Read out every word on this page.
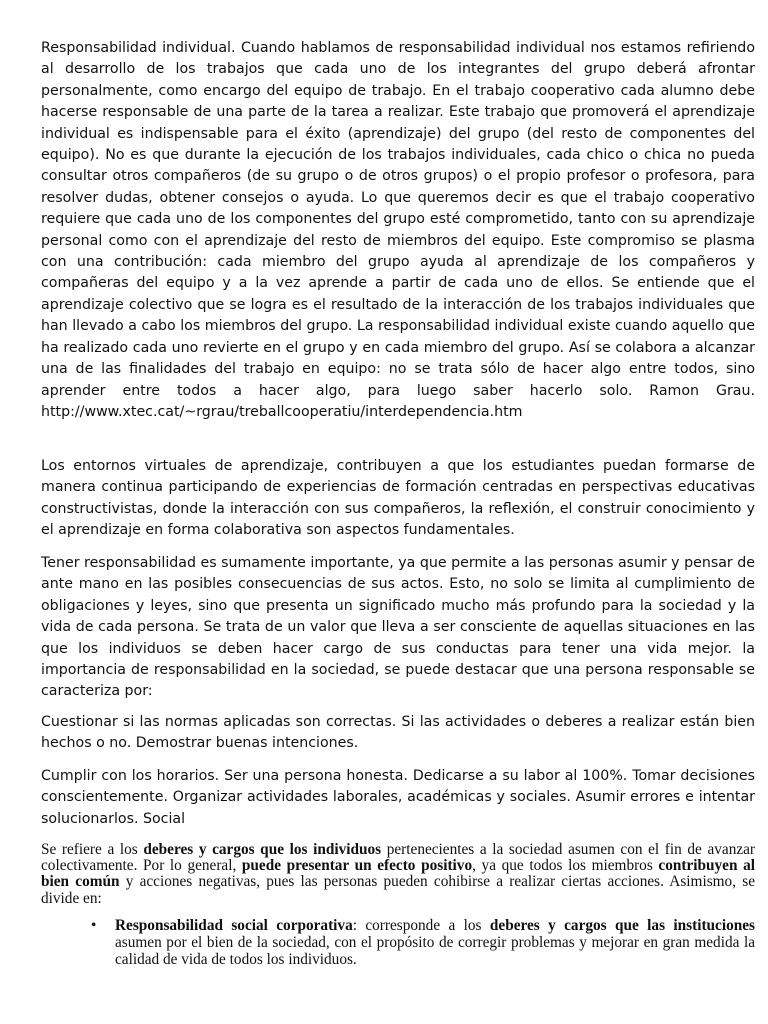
Responsabilidad individual. Cuando hablamos de responsabilidad individual nos estamos refiriendo al desarrollo de los trabajos que cada uno de los integrantes del grupo deberá afrontar personalmente, como encargo del equipo de trabajo. En el trabajo cooperativo cada alumno debe hacerse responsable de una parte de la tarea a realizar. Este trabajo que promoverá el aprendizaje individual es indispensable para el éxito (aprendizaje) del grupo (del resto de componentes del equipo). No es que durante la ejecución de los trabajos individuales, cada chico o chica no pueda consultar otros compañeros (de su grupo o de otros grupos) o el propio profesor o profesora, para resolver dudas, obtener consejos o ayuda. Lo que queremos decir es que el trabajo cooperativo requiere que cada uno de los componentes del grupo esté comprometido, tanto con su aprendizaje personal como con el aprendizaje del resto de miembros del equipo. Este compromiso se plasma con una contribución: cada miembro del grupo ayuda al aprendizaje de los compañeros y compañeras del equipo y a la vez aprende a partir de cada uno de ellos. Se entiende que el aprendizaje colectivo que se logra es el resultado de la interacción de los trabajos individuales que han llevado a cabo los miembros del grupo. La responsabilidad individual existe cuando aquello que ha realizado cada uno revierte en el grupo y en cada miembro del grupo. Así se colabora a alcanzar una de las finalidades del trabajo en equipo: no se trata sólo de hacer algo entre todos, sino aprender entre todos a hacer algo, para luego saber hacerlo solo. Ramon Grau.
http://www.xtec.cat/~rgrau/treballcooperatiu/interdependencia.htm

Los entornos virtuales de aprendizaje, contribuyen a que los estudiantes puedan formarse de manera continua participando de experiencias de formación centradas en perspectivas educativas constructivistas, donde la interacción con sus compañeros, la reflexión, el construir conocimiento y el aprendizaje en forma colaborativa son aspectos fundamentales.

Tener responsabilidad es sumamente importante, ya que permite a las personas asumir y pensar de ante mano en las posibles consecuencias de sus actos. Esto, no solo se limita al cumplimiento de obligaciones y leyes, sino que presenta un significado mucho más profundo para la sociedad y la vida de cada persona. Se trata de un valor que lleva a ser consciente de aquellas situaciones en las que los individuos se deben hacer cargo de sus conductas para tener una vida mejor. la importancia de responsabilidad en la sociedad, se puede destacar que una persona responsable se caracteriza por:

Cuestionar si las normas aplicadas son correctas. Si las actividades o deberes a realizar están bien hechos o no. Demostrar buenas intenciones.

Cumplir con los horarios. Ser una persona honesta. Dedicarse a su labor al 100%. Tomar decisiones conscientemente. Organizar actividades laborales, académicas y sociales. Asumir errores e intentar solucionarlos. Social

Se refiere a los deberes y cargos que los individuos pertenecientes a la sociedad asumen con el fin de avanzar colectivamente. Por lo general, puede presentar un efecto positivo, ya que todos los miembros contribuyen al bien común y acciones negativas, pues las personas pueden cohibirse a realizar ciertas acciones. Asimismo, se divide en:

• Responsabilidad social corporativa: corresponde a los deberes y cargos que las instituciones asumen por el bien de la sociedad, con el propósito de corregir problemas y mejorar en gran medida la calidad de vida de todos los individuos.
